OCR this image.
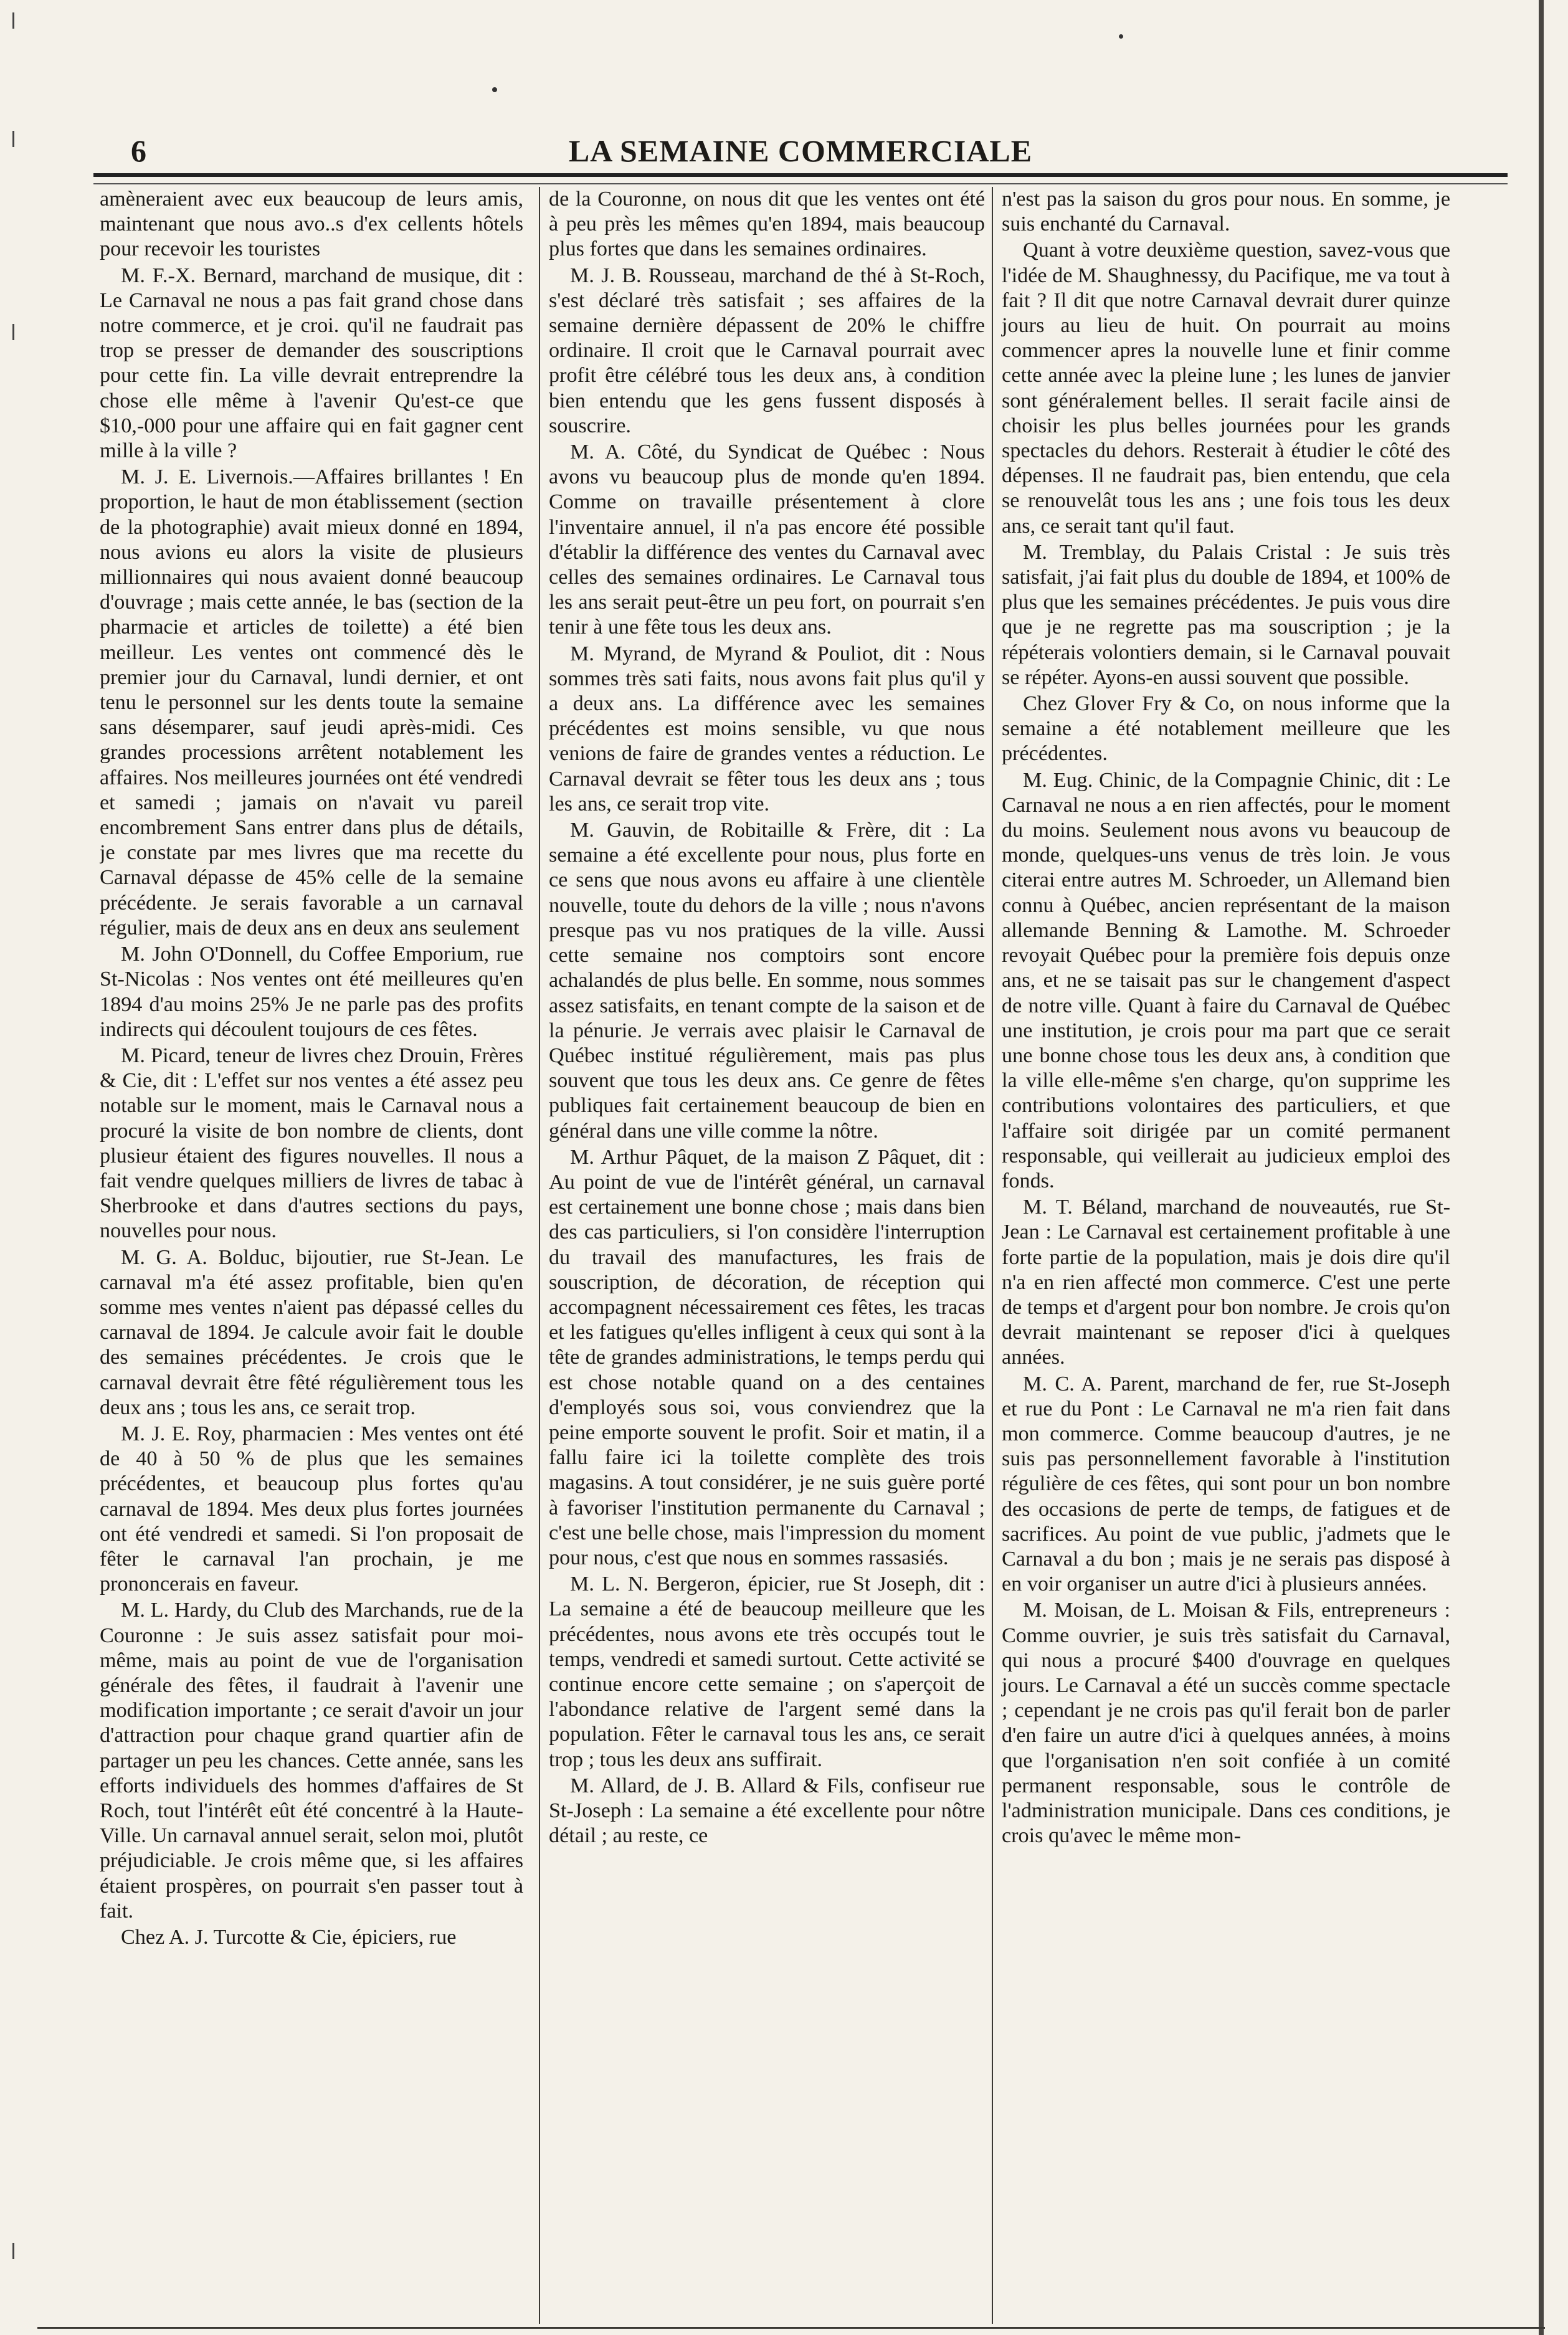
6	LA SEMAINE COMMERCIALE

amèneraient avec eux beaucoup de leurs amis, maintenant que nous avo..s d'ex cellents hôtels pour recevoir les touristes

M. F.-X. Bernard, marchand de musique, dit : Le Carnaval ne nous a pas fait grand chose dans notre commerce, et je croi. qu'il ne faudrait pas trop se presser de demander des souscriptions pour cette fin. La ville devrait entreprendre la chose elle même à l'avenir Qu'est-ce que $10,-000 pour une affaire qui en fait gagner cent mille à la ville ?

M. J. E. Livernois.—Affaires brillantes ! En proportion, le haut de mon établissement (section de la photographie) avait mieux donné en 1894, nous avions eu alors la visite de plusieurs millionnaires qui nous avaient donné beaucoup d'ouvrage ; mais cette année, le bas (section de la pharmacie et articles de toilette) a été bien meilleur. Les ventes ont commencé dès le premier jour du Carnaval, lundi dernier, et ont tenu le personnel sur les dents toute la semaine sans désemparer, sauf jeudi après-midi. Ces grandes processions arrêtent notablement les affaires. Nos meilleures journées ont été vendredi et samedi ; jamais on n'avait vu pareil encombrement Sans entrer dans plus de détails, je constate par mes livres que ma recette du Carnaval dépasse de 45% celle de la semaine précédente. Je serais favorable a un carnaval régulier, mais de deux ans en deux ans seulement

M. John O'Donnell, du Coffee Emporium, rue St-Nicolas : Nos ventes ont été meilleures qu'en 1894 d'au moins 25% Je ne parle pas des profits indirects qui découlent toujours de ces fêtes.

M. Picard, teneur de livres chez Drouin, Frères & Cie, dit : L'effet sur nos ventes a été assez peu notable sur le moment, mais le Carnaval nous a procuré la visite de bon nombre de clients, dont plusieur étaient des figures nouvelles. Il nous a fait vendre quelques milliers de livres de tabac à Sherbrooke et dans d'autres sections du pays, nouvelles pour nous.

M. G. A. Bolduc, bijoutier, rue St-Jean. Le carnaval m'a été assez profitable, bien qu'en somme mes ventes n'aient pas dépassé celles du carnaval de 1894. Je calcule avoir fait le double des semaines précédentes. Je crois que le carnaval devrait être fêté régulièrement tous les deux ans ; tous les ans, ce serait trop.

M. J. E. Roy, pharmacien : Mes ventes ont été de 40 à 50 % de plus que les semaines précédentes, et beaucoup plus fortes qu'au carnaval de 1894. Mes deux plus fortes journées ont été vendredi et samedi. Si l'on proposait de fêter le carnaval l'an prochain, je me prononcerais en faveur.

M. L. Hardy, du Club des Marchands, rue de la Couronne : Je suis assez satisfait pour moi-même, mais au point de vue de l'organisation générale des fêtes, il faudrait à l'avenir une modification importante ; ce serait d'avoir un jour d'attraction pour chaque grand quartier afin de partager un peu les chances. Cette année, sans les efforts individuels des hommes d'affaires de St Roch, tout l'intérêt eût été concentré à la Haute-Ville. Un carnaval annuel serait, selon moi, plutôt préjudiciable. Je crois même que, si les affaires étaient prospères, on pourrait s'en passer tout à fait.

Chez A. J. Turcotte & Cie, épiciers, rue

de la Couronne, on nous dit que les ventes ont été à peu près les mêmes qu'en 1894, mais beaucoup plus fortes que dans les semaines ordinaires.

M. J. B. Rousseau, marchand de thé à St-Roch, s'est déclaré très satisfait ; ses affaires de la semaine dernière dépassent de 20% le chiffre ordinaire. Il croit que le Carnaval pourrait avec profit être célébré tous les deux ans, à condition bien entendu que les gens fussent disposés à souscrire.

M. A. Côté, du Syndicat de Québec : Nous avons vu beaucoup plus de monde qu'en 1894. Comme on travaille présentement à clore l'inventaire annuel, il n'a pas encore été possible d'établir la différence des ventes du Carnaval avec celles des semaines ordinaires. Le Carnaval tous les ans serait peut-être un peu fort, on pourrait s'en tenir à une fête tous les deux ans.

M. Myrand, de Myrand & Pouliot, dit : Nous sommes très sati faits, nous avons fait plus qu'il y a deux ans. La différence avec les semaines précédentes est moins sensible, vu que nous venions de faire de grandes ventes a réduction. Le Carnaval devrait se fêter tous les deux ans ; tous les ans, ce serait trop vite.

M. Gauvin, de Robitaille & Frère, dit : La semaine a été excellente pour nous, plus forte en ce sens que nous avons eu affaire à une clientèle nouvelle, toute du dehors de la ville ; nous n'avons presque pas vu nos pratiques de la ville. Aussi cette semaine nos comptoirs sont encore achalandés de plus belle. En somme, nous sommes assez satisfaits, en tenant compte de la saison et de la pénurie. Je verrais avec plaisir le Carnaval de Québec institué régulièrement, mais pas plus souvent que tous les deux ans. Ce genre de fêtes publiques fait certainement beaucoup de bien en général dans une ville comme la nôtre.

M. Arthur Pâquet, de la maison Z Pâquet, dit : Au point de vue de l'intérêt général, un carnaval est certainement une bonne chose ; mais dans bien des cas particuliers, si l'on considère l'interruption du travail des manufactures, les frais de souscription, de décoration, de réception qui accompagnent nécessairement ces fêtes, les tracas et les fatigues qu'elles infligent à ceux qui sont à la tête de grandes administrations, le temps perdu qui est chose notable quand on a des centaines d'employés sous soi, vous conviendrez que la peine emporte souvent le profit. Soir et matin, il a fallu faire ici la toilette complète des trois magasins. A tout considérer, je ne suis guère porté à favoriser l'institution permanente du Carnaval ; c'est une belle chose, mais l'impression du moment pour nous, c'est que nous en sommes rassasiés.

M. L. N. Bergeron, épicier, rue St Joseph, dit : La semaine a été de beaucoup meilleure que les précédentes, nous avons ete très occupés tout le temps, vendredi et samedi surtout. Cette activité se continue encore cette semaine ; on s'aperçoit de l'abondance relative de l'argent semé dans la population. Fêter le carnaval tous les ans, ce serait trop ; tous les deux ans suffirait.

M. Allard, de J. B. Allard & Fils, confiseur rue St-Joseph : La semaine a été excellente pour nôtre détail ; au reste, ce

n'est pas la saison du gros pour nous. En somme, je suis enchanté du Carnaval.

Quant à votre deuxième question, savez-vous que l'idée de M. Shaughnessy, du Pacifique, me va tout à fait ? Il dit que notre Carnaval devrait durer quinze jours au lieu de huit. On pourrait au moins commencer apres la nouvelle lune et finir comme cette année avec la pleine lune ; les lunes de janvier sont généralement belles. Il serait facile ainsi de choisir les plus belles journées pour les grands spectacles du dehors. Resterait à étudier le côté des dépenses. Il ne faudrait pas, bien entendu, que cela se renouvelât tous les ans ; une fois tous les deux ans, ce serait tant qu'il faut.

M. Tremblay, du Palais Cristal : Je suis très satisfait, j'ai fait plus du double de 1894, et 100% de plus que les semaines précédentes. Je puis vous dire que je ne regrette pas ma souscription ; je la répéterais volontiers demain, si le Carnaval pouvait se répéter. Ayons-en aussi souvent que possible.

Chez Glover Fry & Co, on nous informe que la semaine a été notablement meilleure que les précédentes.

M. Eug. Chinic, de la Compagnie Chinic, dit : Le Carnaval ne nous a en rien affectés, pour le moment du moins. Seulement nous avons vu beaucoup de monde, quelques-uns venus de très loin. Je vous citerai entre autres M. Schroeder, un Allemand bien connu à Québec, ancien représentant de la maison allemande Benning & Lamothe. M. Schroeder revoyait Québec pour la première fois depuis onze ans, et ne se taisait pas sur le changement d'aspect de notre ville. Quant à faire du Carnaval de Québec une institution, je crois pour ma part que ce serait une bonne chose tous les deux ans, à condition que la ville elle-même s'en charge, qu'on supprime les contributions volontaires des particuliers, et que l'affaire soit dirigée par un comité permanent responsable, qui veillerait au judicieux emploi des fonds.

M. T. Béland, marchand de nouveautés, rue St-Jean : Le Carnaval est certainement profitable à une forte partie de la population, mais je dois dire qu'il n'a en rien affecté mon commerce. C'est une perte de temps et d'argent pour bon nombre. Je crois qu'on devrait maintenant se reposer d'ici à quelques années.

M. C. A. Parent, marchand de fer, rue St-Joseph et rue du Pont : Le Carnaval ne m'a rien fait dans mon commerce. Comme beaucoup d'autres, je ne suis pas personnellement favorable à l'institution régulière de ces fêtes, qui sont pour un bon nombre des occasions de perte de temps, de fatigues et de sacrifices. Au point de vue public, j'admets que le Carnaval a du bon ; mais je ne serais pas disposé à en voir organiser un autre d'ici à plusieurs années.

M. Moisan, de L. Moisan & Fils, entrepreneurs : Comme ouvrier, je suis très satisfait du Carnaval, qui nous a procuré $400 d'ouvrage en quelques jours. Le Carnaval a été un succès comme spectacle ; cependant je ne crois pas qu'il ferait bon de parler d'en faire un autre d'ici à quelques années, à moins que l'organisation n'en soit confiée à un comité permanent responsable, sous le contrôle de l'administration municipale. Dans ces conditions, je crois qu'avec le même mon-
